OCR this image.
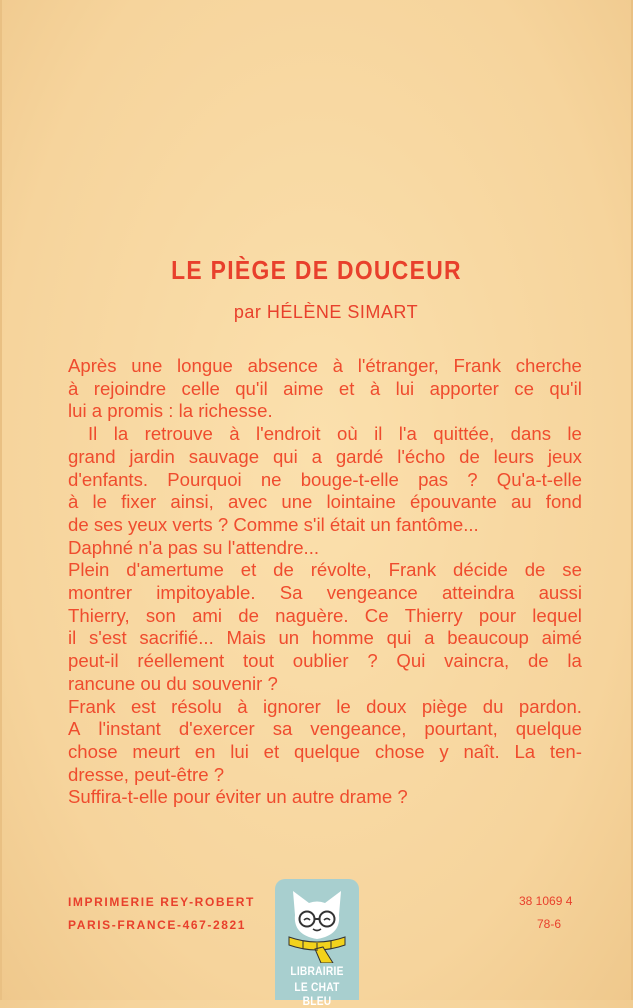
LE PIÈGE DE DOUCEUR
par HÉLÈNE SIMART
Après une longue absence à l'étranger, Frank cherche
à rejoindre celle qu'il aime et à lui apporter ce qu'il
lui a promis : la richesse.
Il la retrouve à l'endroit où il l'a quittée, dans le
grand jardin sauvage qui a gardé l'écho de leurs jeux
d'enfants. Pourquoi ne bouge-t-elle pas ? Qu'a-t-elle
à le fixer ainsi, avec une lointaine épouvante au fond
de ses yeux verts ? Comme s'il était un fantôme...
Daphné n'a pas su l'attendre...
Plein d'amertume et de révolte, Frank décide de se
montrer impitoyable. Sa vengeance atteindra aussi
Thierry, son ami de naguère. Ce Thierry pour lequel
il s'est sacrifié... Mais un homme qui a beaucoup aimé
peut-il réellement tout oublier ? Qui vaincra, de la
rancune ou du souvenir ?
Frank est résolu à ignorer le doux piège du pardon.
A l'instant d'exercer sa vengeance, pourtant, quelque
chose meurt en lui et quelque chose y naît. La ten-
dresse, peut-être ?
Suffira-t-elle pour éviter un autre drame ?
IMPRIMERIE REY-ROBERT
PARIS-FRANCE-467-2821
38 1069 4
78-6
LIBRAIRIE
LE CHAT BLEU
